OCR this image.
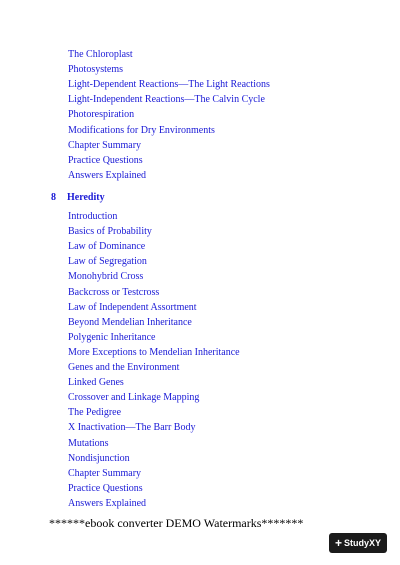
The Chloroplast
Photosystems
Light-Dependent Reactions—The Light Reactions
Light-Independent Reactions—The Calvin Cycle
Photorespiration
Modifications for Dry Environments
Chapter Summary
Practice Questions
Answers Explained
8 Heredity
Introduction
Basics of Probability
Law of Dominance
Law of Segregation
Monohybrid Cross
Backcross or Testcross
Law of Independent Assortment
Beyond Mendelian Inheritance
Polygenic Inheritance
More Exceptions to Mendelian Inheritance
Genes and the Environment
Linked Genes
Crossover and Linkage Mapping
The Pedigree
X Inactivation—The Barr Body
Mutations
Nondisjunction
Chapter Summary
Practice Questions
Answers Explained
******ebook converter DEMO Watermarks*******
+ StudyXY
